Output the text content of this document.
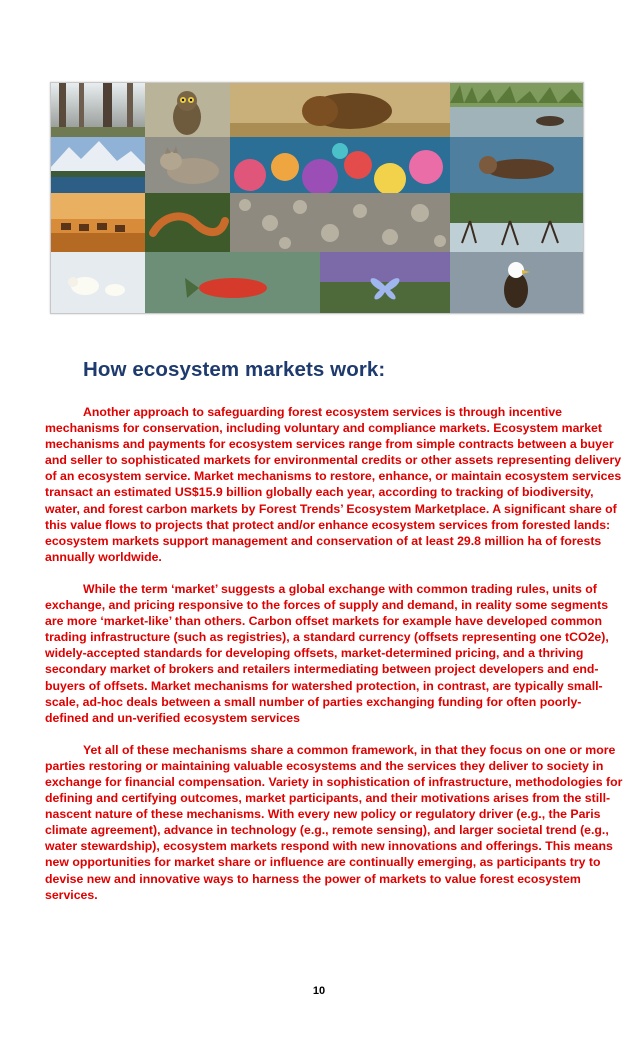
How ecosystem markets work:

Another approach to safeguarding forest ecosystem services is through incentive mechanisms for conservation, including voluntary and compliance markets. Ecosystem market mechanisms and payments for ecosystem services range from simple contracts between a buyer and seller to sophisticated markets for environmental credits or other assets representing delivery of an ecosystem service. Market mechanisms to restore, enhance, or maintain ecosystem services transact an estimated US$15.9 billion globally each year, according to tracking of biodiversity, water, and forest carbon markets by Forest Trends’ Ecosystem Marketplace. A significant share of this value flows to projects that protect and/or enhance ecosystem services from forested lands: ecosystem markets support management and conservation of at least 29.8 million ha of forests annually worldwide.

While the term ‘market’ suggests a global exchange with common trading rules, units of exchange, and pricing responsive to the forces of supply and demand, in reality some segments are more ‘market-like’ than others. Carbon offset markets for example have developed common trading infrastructure (such as registries), a standard currency (offsets representing one tCO2e), widely-accepted standards for developing offsets, market-determined pricing, and a thriving secondary market of brokers and retailers intermediating between project developers and end-buyers of offsets. Market mechanisms for watershed protection, in contrast, are typically small-scale, ad-hoc deals between a small number of parties exchanging funding for often poorly-defined and un-verified ecosystem services

Yet all of these mechanisms share a common framework, in that they focus on one or more parties restoring or maintaining valuable ecosystems and the services they deliver to society in exchange for financial compensation. Variety in sophistication of infrastructure, methodologies for defining and certifying outcomes, market participants, and their motivations arises from the still-nascent nature of these mechanisms. With every new policy or regulatory driver (e.g., the Paris climate agreement), advance in technology (e.g., remote sensing), and larger societal trend (e.g., water stewardship), ecosystem markets respond with new innovations and offerings. This means new opportunities for market share or influence are continually emerging, as participants try to devise new and innovative ways to harness the power of markets to value forest ecosystem services.

10
